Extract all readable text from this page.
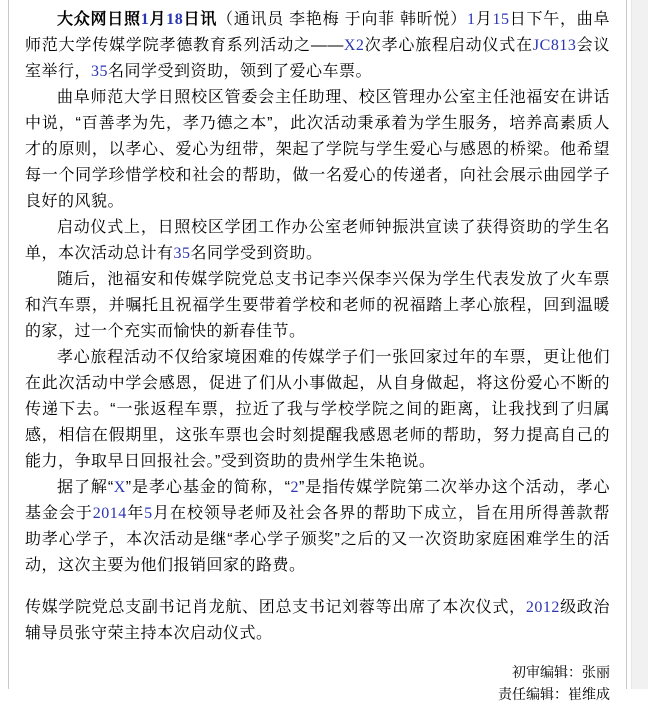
大众网日照1月18日讯（通讯员 李艳梅 于向菲 韩昕悦）1月15日下午，曲阜师范大学传媒学院孝德教育系列活动之——X2次孝心旅程启动仪式在JC813会议室举行，35名同学受到资助，领到了爱心车票。

曲阜师范大学日照校区管委会主任助理、校区管理办公室主任池福安在讲话中说，“百善孝为先，孝乃德之本”，此次活动秉承着为学生服务，培养高素质人才的原则，以孝心、爱心为纽带，架起了学院与学生爱心与感恩的桥梁。他希望每一个同学珍惜学校和社会的帮助，做一名爱心的传递者，向社会展示曲园学子良好的风貌。

启动仪式上，日照校区学团工作办公室老师钟振洪宣读了获得资助的学生名单，本次活动总计有35名同学受到资助。

随后，池福安和传媒学院党总支书记李兴保李兴保为学生代表发放了火车票和汽车票，并嘱托且祝福学生要带着学校和老师的祝福踏上孝心旅程，回到温暖的家，过一个充实而愉快的新春佳节。

孝心旅程活动不仅给家境困难的传媒学子们一张回家过年的车票，更让他们在此次活动中学会感恩，促进了们从小事做起，从自身做起，将这份爱心不断的传递下去。“一张返程车票，拉近了我与学校学院之间的距离，让我找到了归属感，相信在假期里，这张车票也会时刻提醒我感恩老师的帮助，努力提高自己的能力，争取早日回报社会。”受到资助的贵州学生朱艳说。

据了解“X”是孝心基金的简称，“2”是指传媒学院第二次举办这个活动，孝心基金会于2014年5月在校领导老师及社会各界的帮助下成立，旨在用所得善款帮助孝心学子，本次活动是继“孝心学子颁奖”之后的又一次资助家庭困难学生的活动，这次主要为他们报销回家的路费。

传媒学院党总支副书记肖龙航、团总支书记刘蓉等出席了本次仪式，2012级政治辅导员张守荣主持本次启动仪式。

初审编辑：张丽
责任编辑：崔维成
